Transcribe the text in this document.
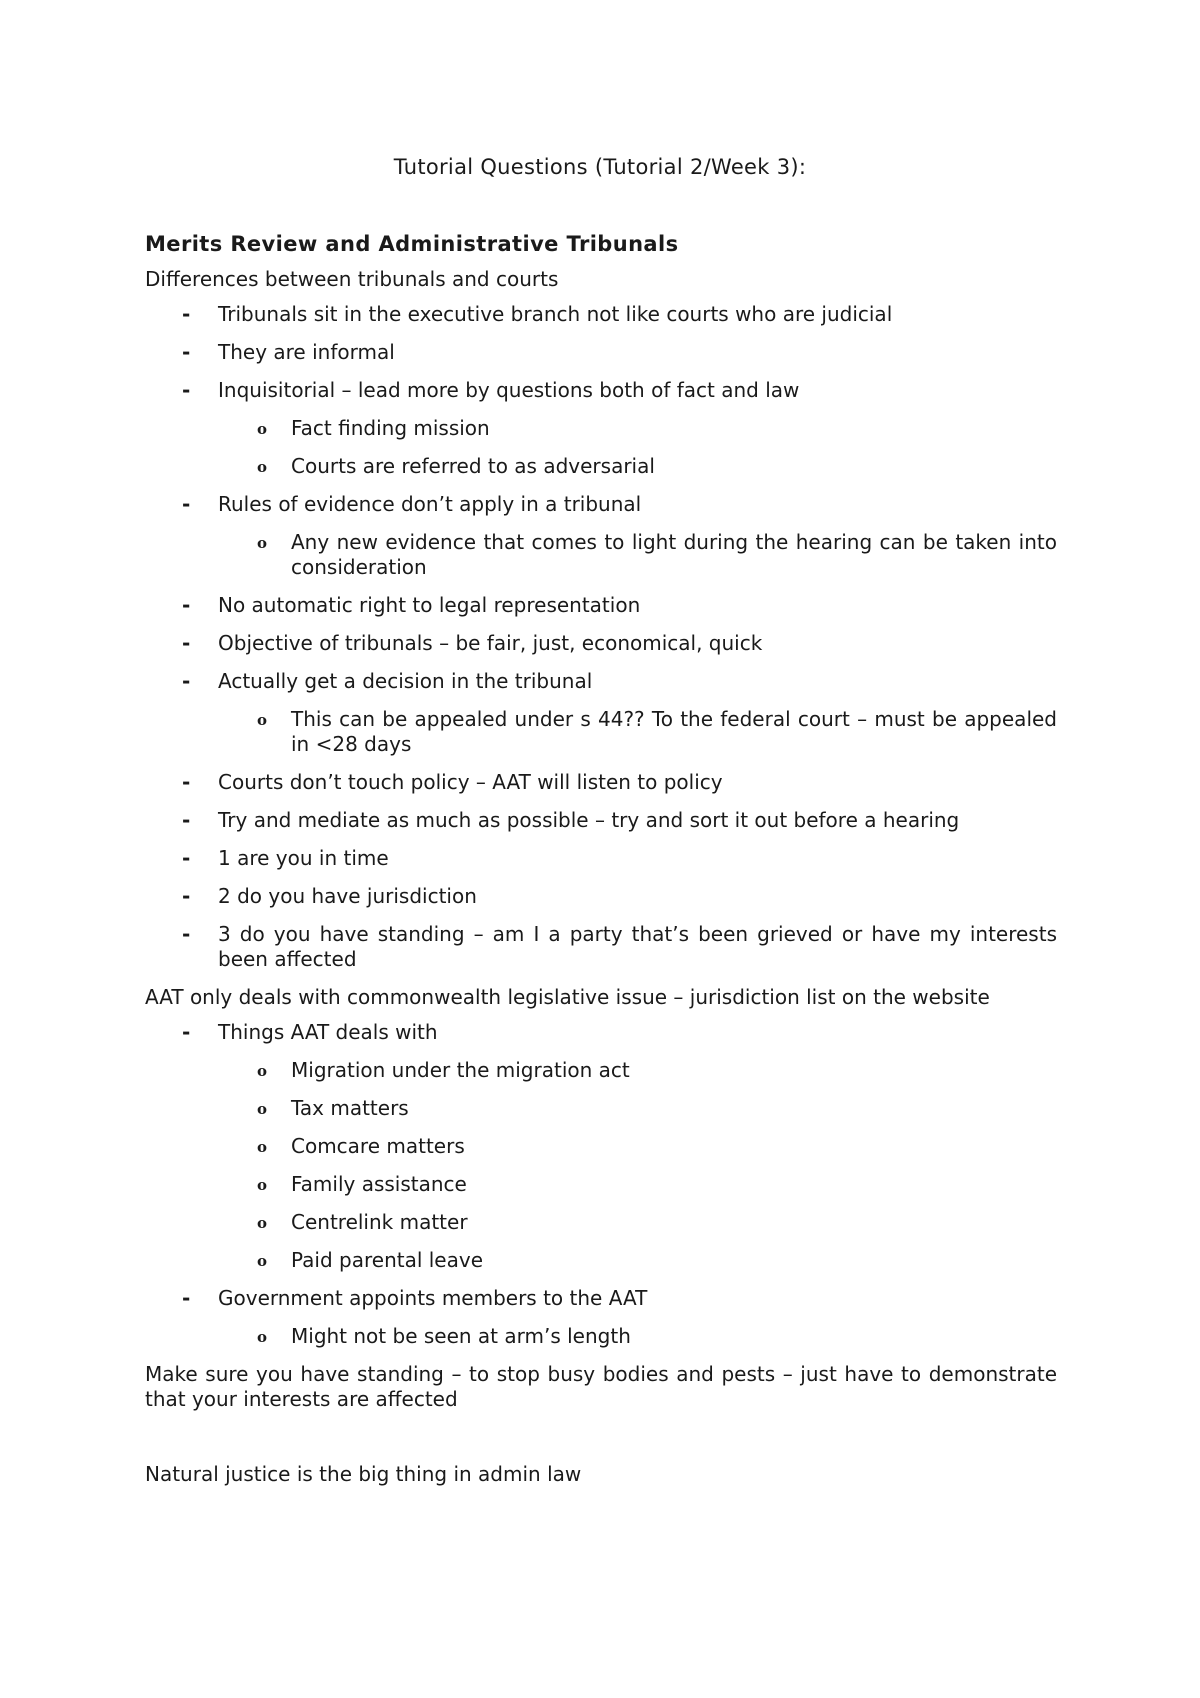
Tutorial Questions (Tutorial 2/Week 3):
Merits Review and Administrative Tribunals
Differences between tribunals and courts
- Tribunals sit in the executive branch not like courts who are judicial
- They are informal
- Inquisitorial – lead more by questions both of fact and law
o Fact finding mission
o Courts are referred to as adversarial
- Rules of evidence don’t apply in a tribunal
o Any new evidence that comes to light during the hearing can be taken into consideration
- No automatic right to legal representation
- Objective of tribunals – be fair, just, economical, quick
- Actually get a decision in the tribunal
o This can be appealed under s 44?? To the federal court – must be appealed in <28 days
- Courts don’t touch policy – AAT will listen to policy
- Try and mediate as much as possible – try and sort it out before a hearing
- 1 are you in time
- 2 do you have jurisdiction
- 3 do you have standing – am I a party that’s been grieved or have my interests been affected
AAT only deals with commonwealth legislative issue – jurisdiction list on the website
- Things AAT deals with
o Migration under the migration act
o Tax matters
o Comcare matters
o Family assistance
o Centrelink matter
o Paid parental leave
- Government appoints members to the AAT
o Might not be seen at arm’s length
Make sure you have standing – to stop busy bodies and pests – just have to demonstrate that your interests are affected
Natural justice is the big thing in admin law
